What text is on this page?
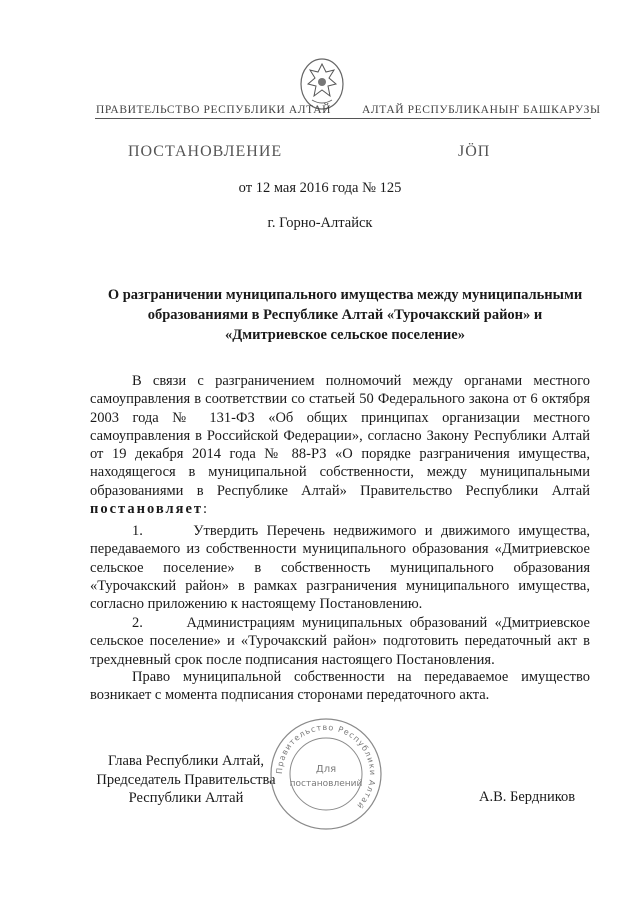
ПРАВИТЕЛЬСТВО РЕСПУБЛИКИ АЛТАЙ	АЛТАЙ РЕСПУБЛИКАНЫҤ БАШКАРУЗЫ
ПОСТАНОВЛЕНИЕ	JÖП
от 12 мая 2016 года № 125
г. Горно-Алтайск
О разграничении муниципального имущества между муниципальными
образованиями в Республике Алтай «Турочакский район» и
«Дмитриевское сельское поселение»
В связи с разграничением полномочий между органами местного самоуправления в соответствии со статьей 50 Федерального закона от 6 октября 2003 года № 131-ФЗ «Об общих принципах организации местного самоуправления в Российской Федерации», согласно Закону Республики Алтай от 19 декабря 2014 года № 88-РЗ «О порядке разграничения имущества, находящегося в муниципальной собственности, между муниципальными образованиями в Республике Алтай» Правительство Республики Алтай постановляет:
1.	Утвердить Перечень недвижимого и движимого имущества, передаваемого из собственности муниципального образования «Дмитриевское сельское поселение» в собственность муниципального образования «Турочакский район» в рамках разграничения муниципального имущества, согласно приложению к настоящему Постановлению.
2.	Администрациям муниципальных образований «Дмитриевское сельское поселение» и «Турочакский район» подготовить передаточный акт в трехдневный срок после подписания настоящего Постановления.
Право муниципальной собственности на передаваемое имущество возникает с момента подписания сторонами передаточного акта.
Глава Республики Алтай,
Председатель Правительства
Республики Алтай	А.В. Бердников
Правительство Республики Алтай
Для
постановлений
